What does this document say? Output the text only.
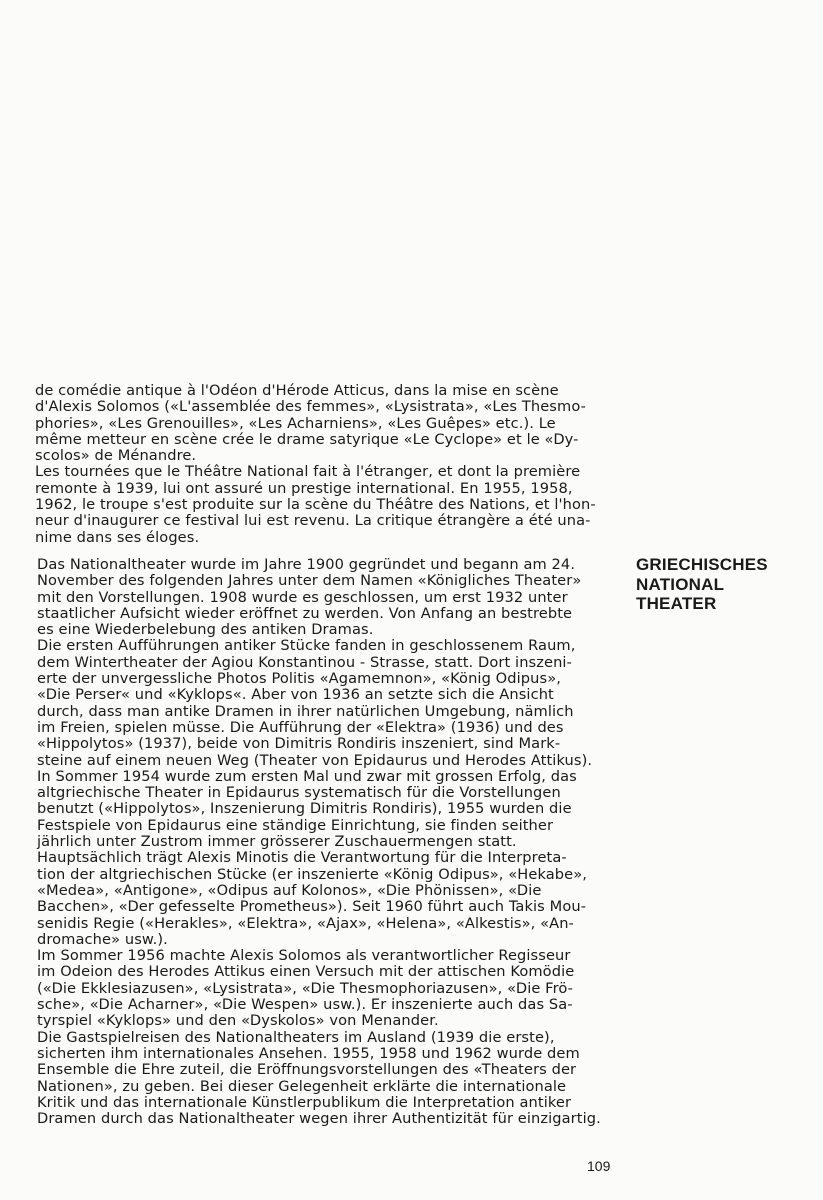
de comédie antique à l'Odéon d'Hérode Atticus, dans la mise en scène
d'Alexis Solomos («L'assemblée des femmes», «Lysistrata», «Les Thesmo-
phories», «Les Grenouilles», «Les Acharniens», «Les Guêpes» etc.). Le
même metteur en scène crée le drame satyrique «Le Cyclope» et le «Dy-
scolos» de Ménandre.
Les tournées que le Théâtre National fait à l'étranger, et dont la première
remonte à 1939, lui ont assuré un prestige international. En 1955, 1958,
1962, le troupe s'est produite sur la scène du Théâtre des Nations, et l'hon-
neur d'inaugurer ce festival lui est revenu. La critique étrangère a été una-
nime dans ses éloges.
GRIECHISCHES
NATIONAL
THEATER
Das Nationaltheater wurde im Jahre 1900 gegründet und begann am 24.
November des folgenden Jahres unter dem Namen «Königliches Theater»
mit den Vorstellungen. 1908 wurde es geschlossen, um erst 1932 unter
staatlicher Aufsicht wieder eröffnet zu werden. Von Anfang an bestrebte
es eine Wiederbelebung des antiken Dramas.
Die ersten Aufführungen antiker Stücke fanden in geschlossenem Raum,
dem Wintertheater der Agiou Konstantinou - Strasse, statt. Dort inszeni-
erte der unvergessliche Photos Politis «Agamemnon», «König Odipus»,
«Die Perser« und «Kyklops«. Aber von 1936 an setzte sich die Ansicht
durch, dass man antike Dramen in ihrer natürlichen Umgebung, nämlich
im Freien, spielen müsse. Die Aufführung der «Elektra» (1936) und des
«Hippolytos» (1937), beide von Dimitris Rondiris inszeniert, sind Mark-
steine auf einem neuen Weg (Theater von Epidaurus und Herodes Attikus).
In Sommer 1954 wurde zum ersten Mal und zwar mit grossen Erfolg, das
altgriechische Theater in Epidaurus systematisch für die Vorstellungen
benutzt («Hippolytos», Inszenierung Dimitris Rondiris), 1955 wurden die
Festspiele von Epidaurus eine ständige Einrichtung, sie finden seither
jährlich unter Zustrom immer grösserer Zuschauermengen statt.
Hauptsächlich trägt Alexis Minotis die Verantwortung für die Interpreta-
tion der altgriechischen Stücke (er inszenierte «König Odipus», «Hekabe»,
«Medea», «Antigone», «Odipus auf Kolonos», «Die Phönissen», «Die
Bacchen», «Der gefesselte Prometheus»). Seit 1960 führt auch Takis Mou-
senidis Regie («Herakles», «Elektra», «Ajax», «Helena», «Alkestis», «An-
dromache» usw.).
Im Sommer 1956 machte Alexis Solomos als verantwortlicher Regisseur
im Odeion des Herodes Attikus einen Versuch mit der attischen Komödie
(«Die Ekklesiazusen», «Lysistrata», «Die Thesmophoriazusen», «Die Frö-
sche», «Die Acharner», «Die Wespen» usw.). Er inszenierte auch das Sa-
tyrspiel «Kyklops» und den «Dyskolos» von Menander.
Die Gastspielreisen des Nationaltheaters im Ausland (1939 die erste),
sicherten ihm internationales Ansehen. 1955, 1958 und 1962 wurde dem
Ensemble die Ehre zuteil, die Eröffnungsvorstellungen des «Theaters der
Nationen», zu geben. Bei dieser Gelegenheit erklärte die internationale
Kritik und das internationale Künstlerpublikum die Interpretation antiker
Dramen durch das Nationaltheater wegen ihrer Authentizität für einzigartig.
109
